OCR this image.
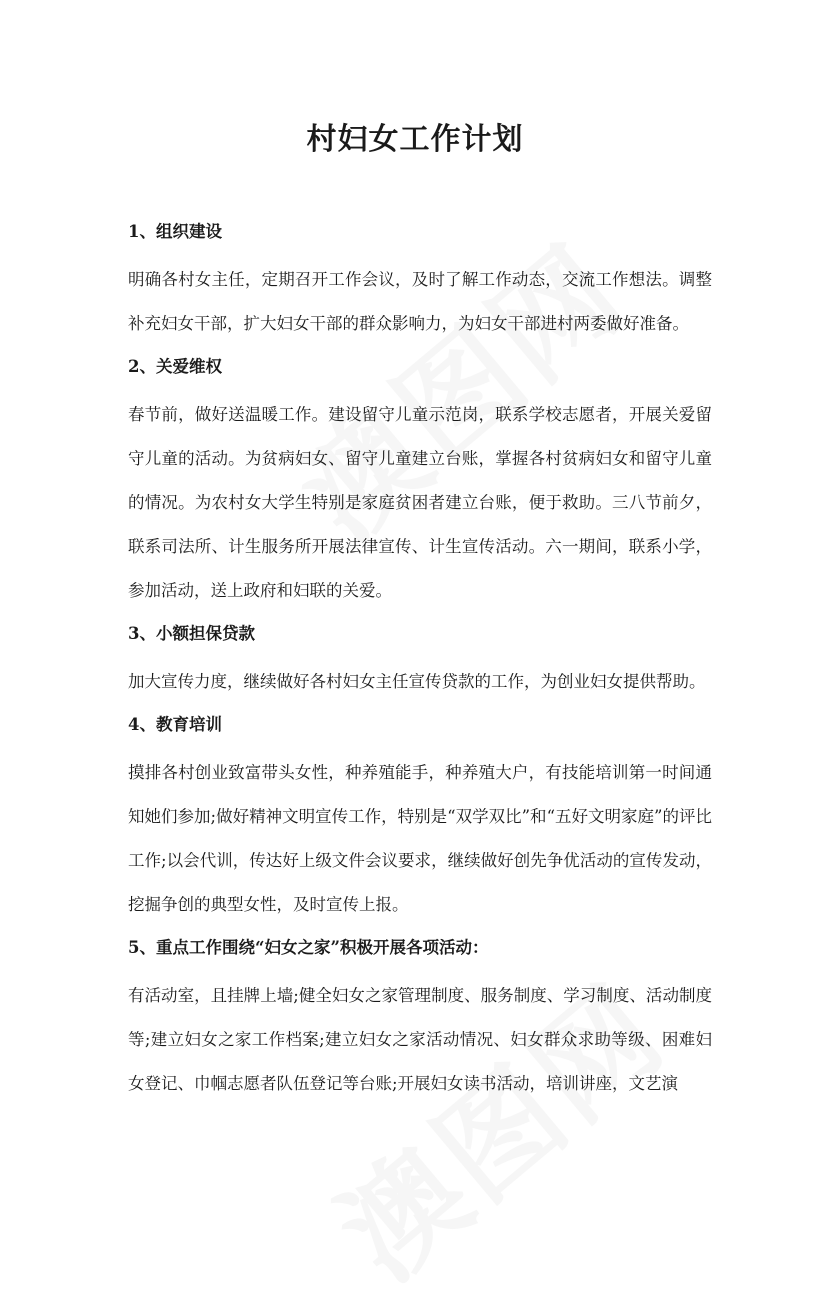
村妇女工作计划

1、组织建设

明确各村女主任，定期召开工作会议，及时了解工作动态，交流工作想法。调整补充妇女干部，扩大妇女干部的群众影响力，为妇女干部进村两委做好准备。

2、关爱维权

春节前，做好送温暖工作。建设留守儿童示范岗，联系学校志愿者，开展关爱留守儿童的活动。为贫病妇女、留守儿童建立台账，掌握各村贫病妇女和留守儿童的情况。为农村女大学生特别是家庭贫困者建立台账，便于救助。三八节前夕，联系司法所、计生服务所开展法律宣传、计生宣传活动。六一期间，联系小学，参加活动，送上政府和妇联的关爱。

3、小额担保贷款

加大宣传力度，继续做好各村妇女主任宣传贷款的工作，为创业妇女提供帮助。

4、教育培训

摸排各村创业致富带头女性，种养殖能手，种养殖大户，有技能培训第一时间通知她们参加;做好精神文明宣传工作，特别是“双学双比”和“五好文明家庭”的评比工作;以会代训，传达好上级文件会议要求，继续做好创先争优活动的宣传发动，挖掘争创的典型女性，及时宣传上报。

5、重点工作围绕“妇女之家”积极开展各项活动：

有活动室，且挂牌上墙;健全妇女之家管理制度、服务制度、学习制度、活动制度等;建立妇女之家工作档案;建立妇女之家活动情况、妇女群众求助等级、困难妇女登记、巾帼志愿者队伍登记等台账;开展妇女读书活动，培训讲座，文艺演
